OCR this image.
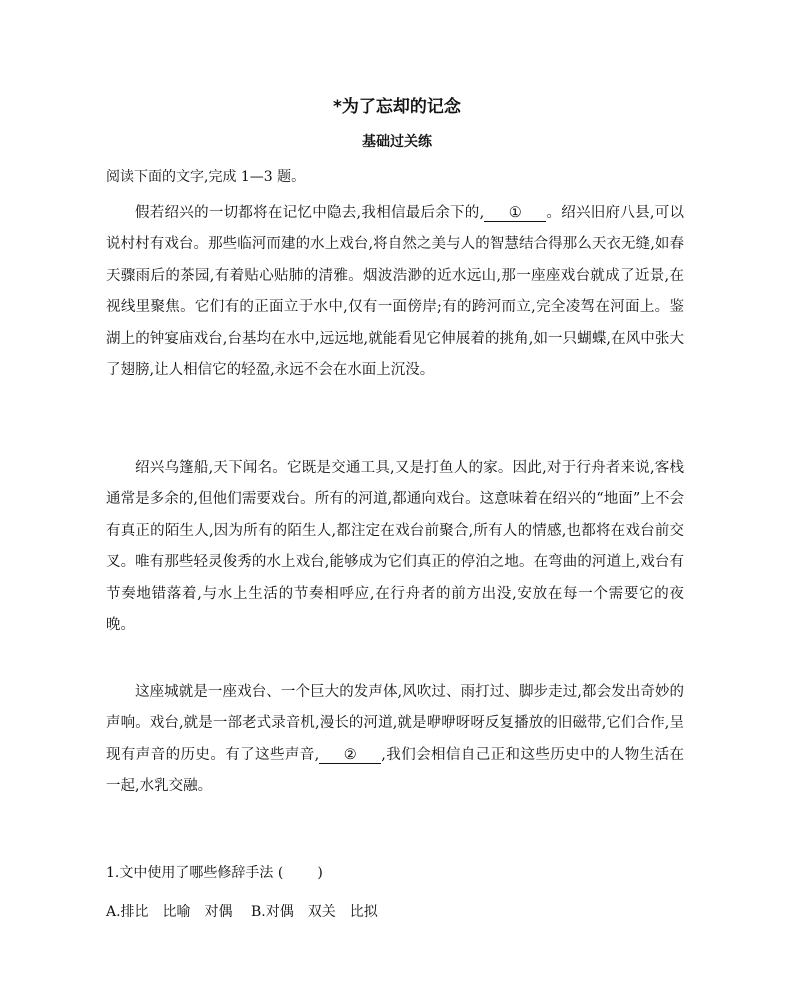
*为了忘却的记念
基础过关练
阅读下面的文字,完成 1—3 题。

假若绍兴的一切都将在记忆中隐去,我相信最后余下的, ① 。绍兴旧府八县,可以说村村有戏台。那些临河而建的水上戏台,将自然之美与人的智慧结合得那么天衣无缝,如春天骤雨后的茶园,有着贴心贴肺的清雅。烟波浩渺的近水远山,那一座座戏台就成了近景,在视线里聚焦。它们有的正面立于水中,仅有一面傍岸;有的跨河而立,完全凌驾在河面上。鉴湖上的钟宴庙戏台,台基均在水中,远远地,就能看见它伸展着的挑角,如一只蝴蝶,在风中张大了翅膀,让人相信它的轻盈,永远不会在水面上沉没。

绍兴乌篷船,天下闻名。它既是交通工具,又是打鱼人的家。因此,对于行舟者来说,客栈通常是多余的,但他们需要戏台。所有的河道,都通向戏台。这意味着在绍兴的“地面”上不会有真正的陌生人,因为所有的陌生人,都注定在戏台前聚合,所有人的情感,也都将在戏台前交叉。唯有那些轻灵俊秀的水上戏台,能够成为它们真正的停泊之地。在弯曲的河道上,戏台有节奏地错落着,与水上生活的节奏相呼应,在行舟者的前方出没,安放在每一个需要它的夜晚。

这座城就是一座戏台、一个巨大的发声体,风吹过、雨打过、脚步走过,都会发出奇妙的声响。戏台,就是一部老式录音机,漫长的河道,就是咿咿呀呀反复播放的旧磁带,它们合作,呈现有声音的历史。有了这些声音, ② ,我们会相信自己正和这些历史中的人物生活在一起,水乳交融。

1.文中使用了哪些修辞手法 ( )
A.排比　比喻　对偶　 B.对偶　双关　比拟
